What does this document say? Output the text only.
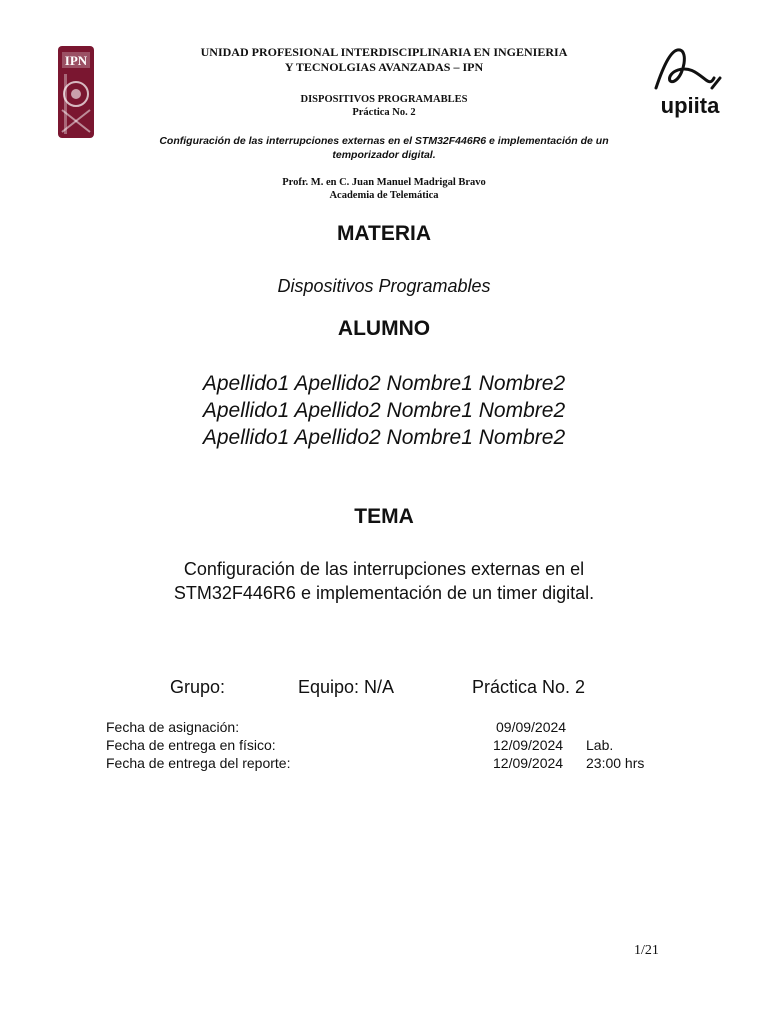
IPN
upiita
UNIDAD PROFESIONAL INTERDISCIPLINARIA EN INGENIERIA
Y TECNOLGIAS AVANZADAS – IPN
DISPOSITIVOS PROGRAMABLES
Práctica No. 2
Configuración de las interrupciones externas en el STM32F446R6 e implementación de un
temporizador digital.
Profr. M. en C. Juan Manuel Madrigal Bravo
Academia de Telemática
MATERIA
Dispositivos Programables
ALUMNO
Apellido1 Apellido2 Nombre1 Nombre2
Apellido1 Apellido2 Nombre1 Nombre2
Apellido1 Apellido2 Nombre1 Nombre2
TEMA
Configuración de las interrupciones externas en el
STM32F446R6 e implementación de un timer digital.
Grupo:	Equipo: N/A	Práctica No. 2
Fecha de asignación:	09/09/2024
Fecha de entrega en físico:	12/09/2024 Lab.
Fecha de entrega del reporte:	12/09/2024 23:00 hrs
1/21
